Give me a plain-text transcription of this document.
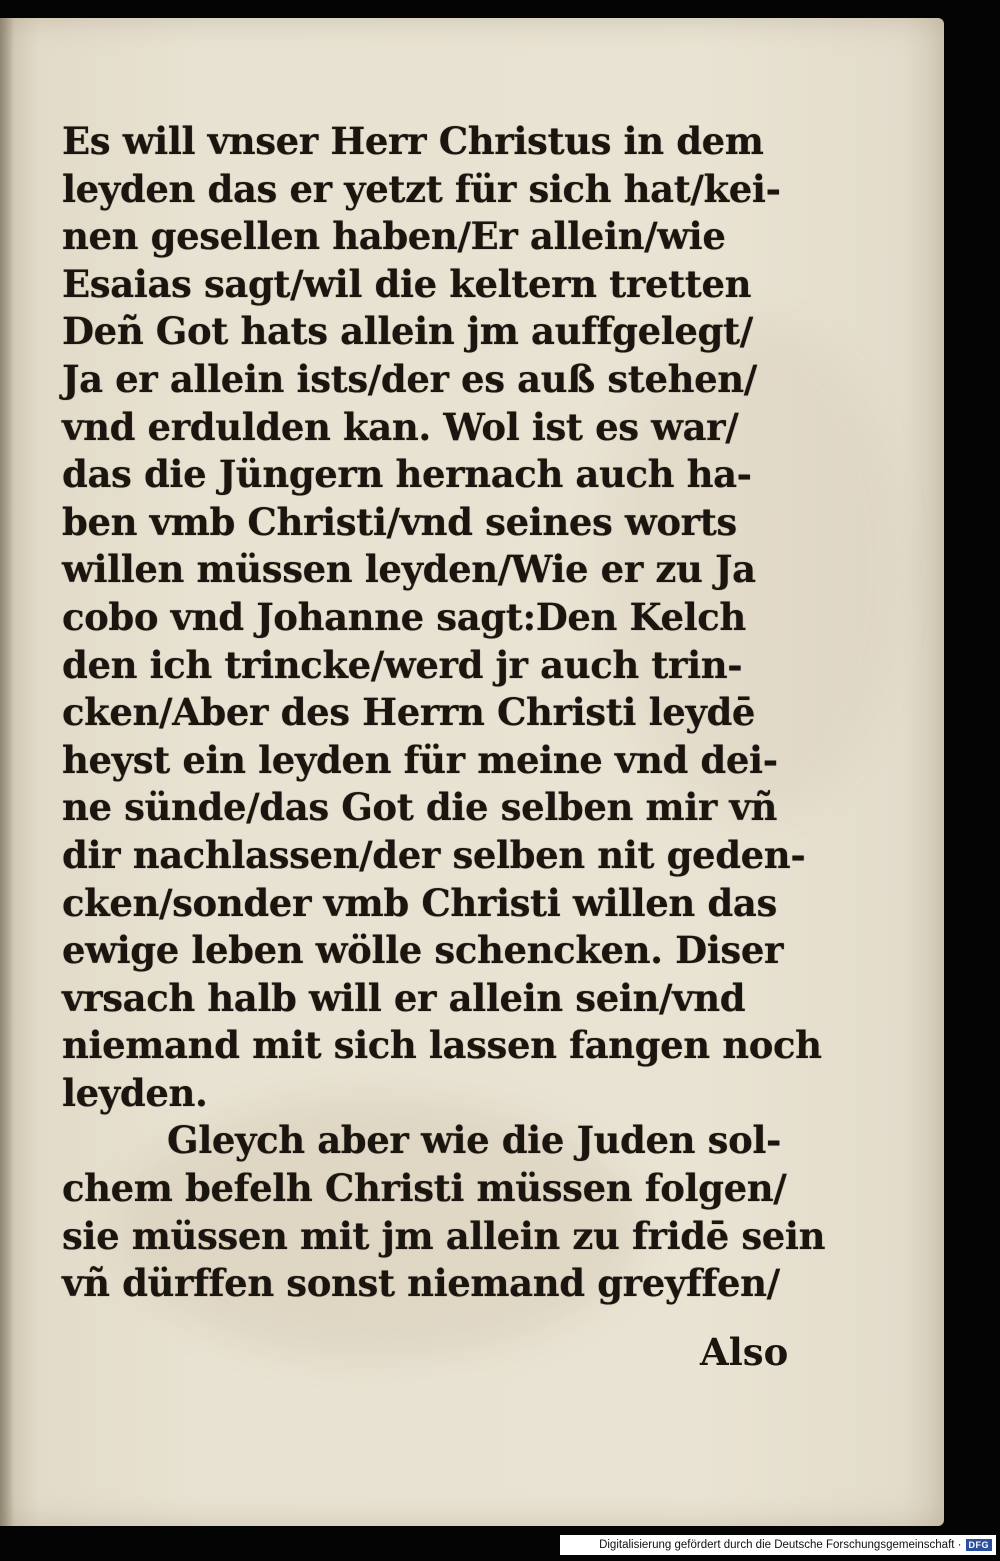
Es will vnser Herr Christus in dem
leyden das er yetzt für sich hat/kei-
nen gesellen haben/Er allein/wie
Esaias sagt/wil die keltern tretten
Deñ Got hats allein jm auffgelegt/
Ja er allein ists/der es auß stehen/
vnd erdulden kan. Wol ist es war/
das die Jüngern hernach auch ha-
ben vmb Christi/vnd seines worts
willen müssen leyden/Wie er zu Ja
cobo vnd Johanne sagt:Den Kelch
den ich trincke/werd jr auch trin-
cken/Aber des Herrn Christi leydē
heyst ein leyden für meine vnd dei-
ne sünde/das Got die selben mir vñ
dir nachlassen/der selben nit geden-
cken/sonder vmb Christi willen das
ewige leben wölle schencken. Diser
vrsach halb will er allein sein/vnd
niemand mit sich lassen fangen noch
leyden.
Gleych aber wie die Juden sol-
chem befelh Christi müssen folgen/
sie müssen mit jm allein zu fridē sein
vñ dürffen sonst niemand greyffen/
Also
Digitalisierung gefördert durch die Deutsche Forschungsgemeinschaft · DFG
